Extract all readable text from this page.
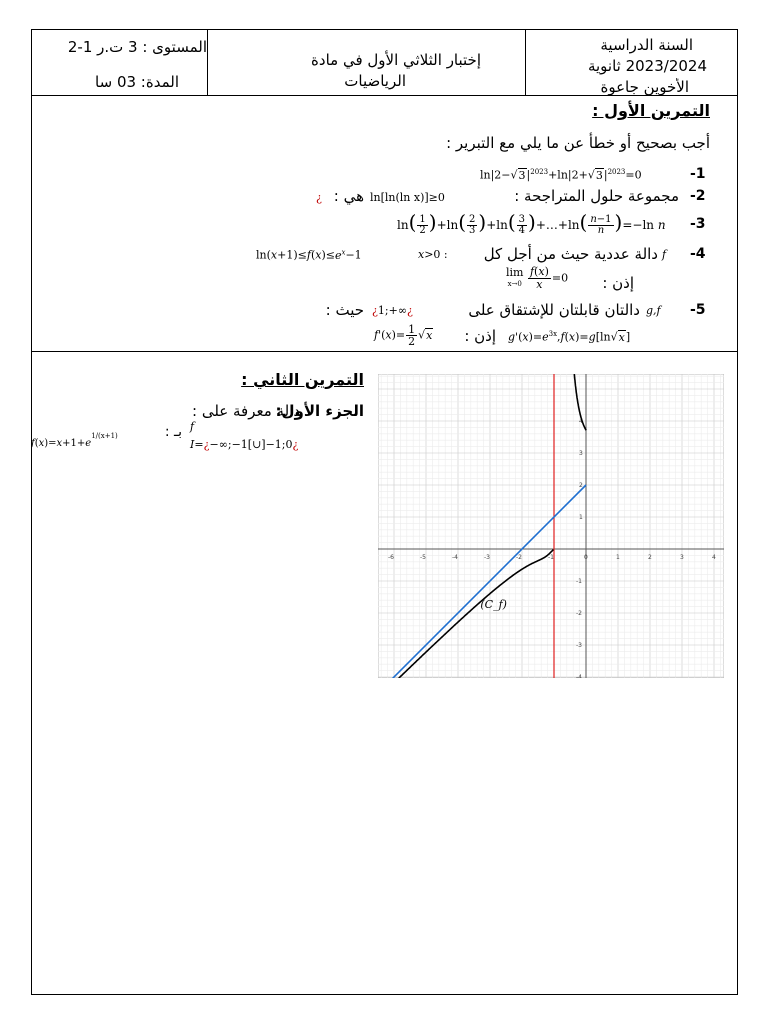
السنة الدراسية
2023/2024 ثانوية
الأخوين جاعوة
إختبار الثلاثي الأول في مادة
الرياضيات
المستوى : 3 ت.ر 1-2
المدة: 03 سا
التمرين الأول :
أجب بصحيح أو خطأ عن ما يلي مع التبرير :
-1
$\ln|2-√3|^{2023}+\ln|2+√3|^{2023}=0$
-2
مجموعة حلول المتراجحة :
ln[ln(ln x)]≥0
هي :
¿
-3
$\ln( \frac{1}{2} )+\ln( \frac{2}{3} )+\ln( \frac{3}{4}$ )+…+ln( $\frac{n-1}{n} )=-\ln$ n
-4
f
دالة عددية حيث من أجل كل
x>0 :
$\ln(x+1)\le f(x)\le e^x-1$
إذن :
lim
$x\to 0 \frac{f(x)}{x} =0$
-5
g,f
دالتان قابلتان للإشتقاق على
¿1;+∞¿
حيث :
$g'(x)=e^{3x},f(x)=g[\ln√x]$
إذن :
$f'(x)= \frac{1}{2} √x$
التمرين الثاني :
دالة معرفة على :
الجزء الأول:
f
بـ :
I=¿−∞;−1[∪]−1;0¿
$f(x)=x+1+e^{1/(x+1)}$
-6	-5	-4	-3	-2	-1	0	1	2	3	4
4
3
2
1
-1
-2
-3
-4
(C_f)
